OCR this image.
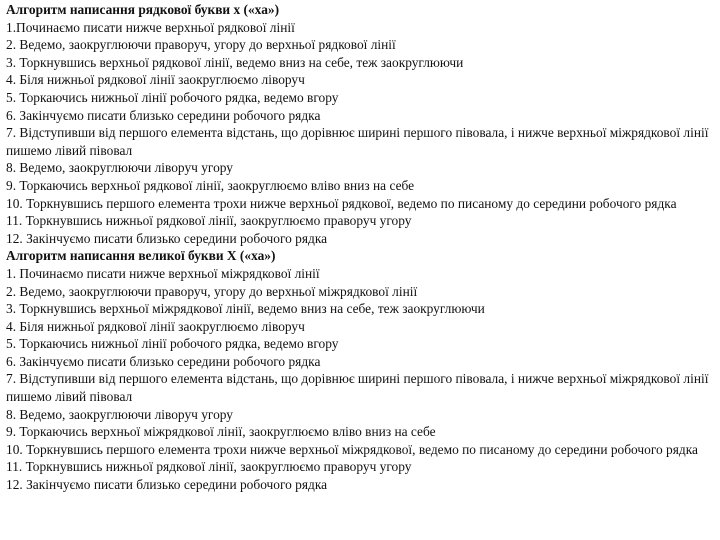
Алгоритм написання рядкової букви х («ха»)

1.Починаємо писати нижче верхньої рядкової лінії

2. Ведемо, заокруглюючи праворуч, угору до верхньої рядкової лінії

3. Торкнувшись верхньої рядкової лінії, ведемо вниз на себе, теж заокруглюючи

4. Біля нижньої рядкової лінії заокруглюємо ліворуч

5. Торкаючись нижньої лінії робочого рядка, ведемо вгору

6. Закінчуємо писати близько середини робочого рядка

7. Відступивши від першого елемента відстань, що дорівнює ширині першого півовала, і нижче верхньої міжрядкової лінії пишемо лівий півовал

8. Ведемо, заокруглюючи ліворуч угору

9. Торкаючись верхньої рядкової лінії, заокруглюємо вліво вниз на себе

10. Торкнувшись першого елемента трохи нижче верхньої рядкової, ведемо по писаному до середини робочого рядка

11. Торкнувшись нижньої рядкової лінії, заокруглюємо праворуч угору

12. Закінчуємо писати близько середини робочого рядка

Алгоритм написання великої букви Х («ха»)

1. Починаємо писати нижче верхньої міжрядкової лінії

2. Ведемо, заокруглюючи праворуч, угору до верхньої міжрядкової лінії

3. Торкнувшись верхньої міжрядкової лінії, ведемо вниз на себе, теж заокруглюючи

4. Біля нижньої рядкової лінії заокруглюємо ліворуч

5. Торкаючись нижньої лінії робочого рядка, ведемо вгору

6. Закінчуємо писати близько середини робочого рядка

7. Відступивши від першого елемента відстань, що дорівнює ширині першого півовала, і нижче верхньої міжрядкової лінії пишемо лівий півовал

8. Ведемо, заокруглюючи ліворуч угору

9. Торкаючись верхньої міжрядкової лінії, заокруглюємо вліво вниз на себе

10. Торкнувшись першого елемента трохи нижче верхньої міжрядкової, ведемо по писаному до середини робочого рядка

11. Торкнувшись нижньої рядкової лінії, заокруглюємо праворуч угору

12. Закінчуємо писати близько середини робочого рядка
